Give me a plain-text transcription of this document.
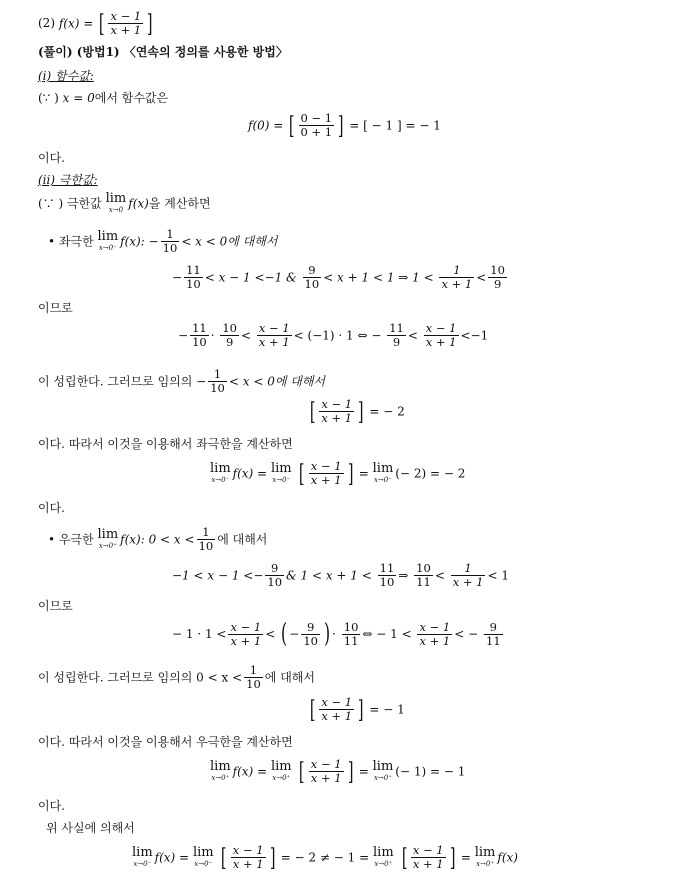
(2) f(x) = [ $\frac{x - 1}{x + 1}$ ]
(풀이) (방법1) 〈연속의 정의를 사용한 방법〉
(i) 함수값:
(∵ ) x = 0에서 함수값은
f(0) = [ $\frac{0 - 1}{0 + 1}$ ] = [ − 1 ] = − 1
이다.
(ii) 극한값:
(∵ ) 극한값 lim
x→0 f(x)을 계산하면
• 좌극한 lim
x→0⁻ f(x): − $\frac{1}{10} < x < 0$에 대해서
− $\frac{11}{10} < x - 1 <-1$ & $\frac{9}{10} < x + 1 < 1$ ⇒ $1 < \frac{1}{x + 1} < \frac{10}{9}$
이므로
− $\frac{11}{10} \cdot \frac{10}{9} < \frac{x - 1}{x + 1} < (-1) \cdot 1$ ⇔ − $\frac{11}{9} < \frac{x - 1}{x + 1} <-1$
이 성립한다. 그러므로 임의의 − $\frac{1}{10} < x < 0$에 대해서
[ $\frac{x - 1}{x + 1}$ ] = − 2
이다. 따라서 이것을 이용해서 좌극한을 계산하면
lim
x→0⁻ f(x) = lim
x→0⁻ [ $\frac{x - 1}{x + 1}$ ] = lim
x→0⁻ (− 2) = − 2
이다.
• 우극한 lim
x→0⁺ f(x): $0 < x < \frac{1}{10}$ 에 대해서
$-1 < x - 1 <- \frac{9}{10}$ & $1 < x + 1 < \frac{11}{10}$ ⇒ $\frac{10}{11} < \frac{1}{x + 1} < 1$
이므로
− $1 \cdot 1 < \frac{x - 1}{x + 1}$ < ( − $\frac{9}{10}$ ) · $\frac{10}{11}$ ⇔ − $1 < \frac{x - 1}{x + 1}$ < − $\frac{9}{11}$
이 성립한다. 그러므로 임의의 $0 < x < \frac{1}{10}$ 에 대해서
[ $\frac{x - 1}{x + 1}$ ] = − 1
이다. 따라서 이것을 이용해서 우극한을 계산하면
lim
x→0⁺ f(x) = lim
x→0⁺ [ $\frac{x - 1}{x + 1}$ ] = lim
x→0⁺ (− 1) = − 1
이다.
위 사실에 의해서
lim
x→0⁻ f(x) = lim
x→0⁻ [ $\frac{x - 1}{x + 1}$ ] = − 2 ≠ − 1 = lim
x→0⁺ [ $\frac{x - 1}{x + 1}$ ] = lim
x→0⁺ f(x)
